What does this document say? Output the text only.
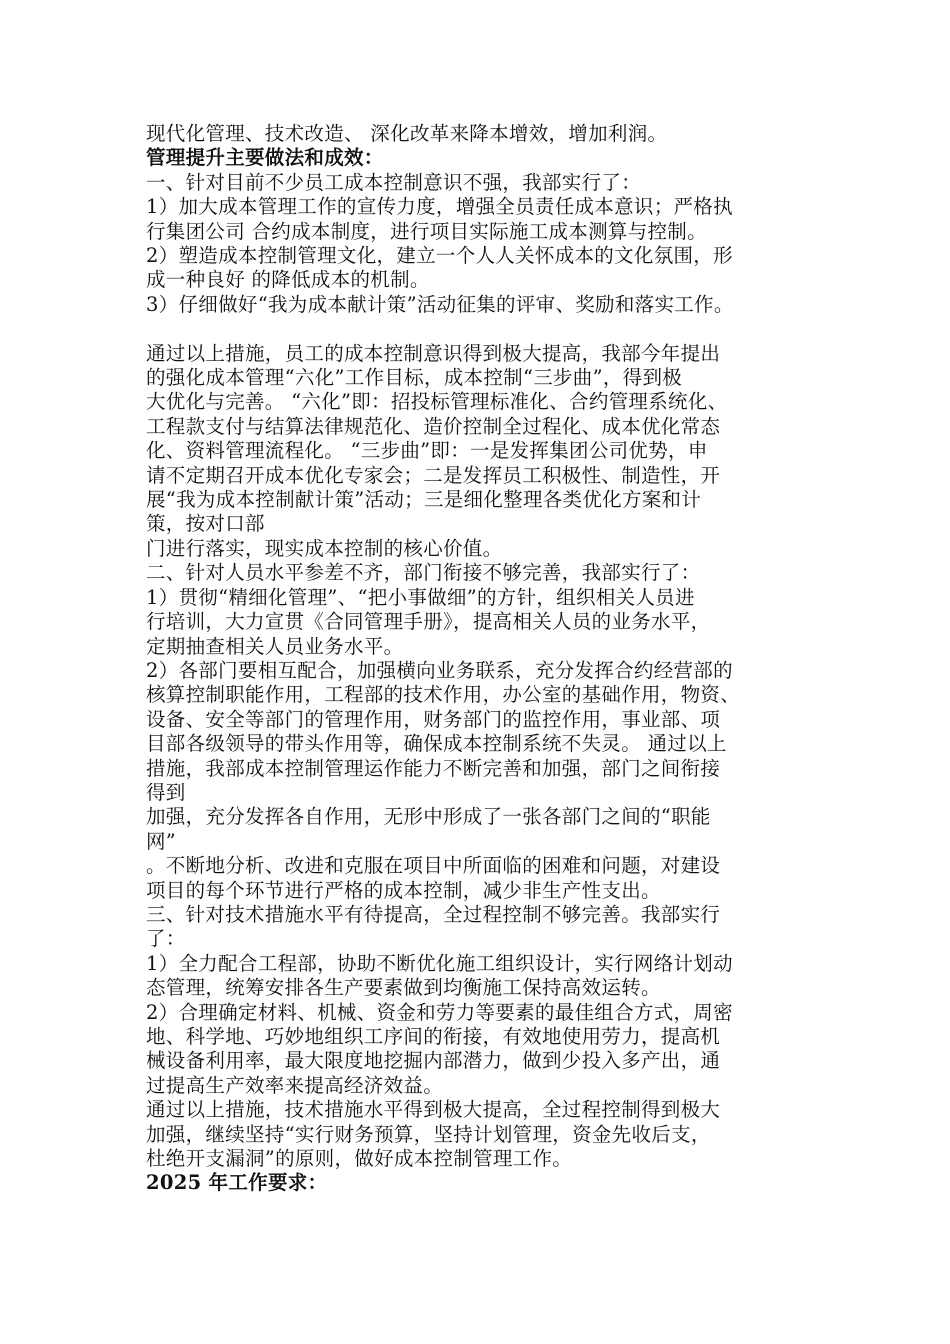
现代化管理、技术改造、 深化改革来降本增效，增加利润。
管理提升主要做法和成效：
一、针对目前不少员工成本控制意识不强，我部实行了：
1）加大成本管理工作的宣传力度，增强全员责任成本意识；严格执
行集团公司 合约成本制度，进行项目实际施工成本测算与控制。
2）塑造成本控制管理文化，建立一个人人关怀成本的文化氛围，形
成一种良好 的降低成本的机制。
3）仔细做好“我为成本献计策”活动征集的评审、奖励和落实工作。
通过以上措施，员工的成本控制意识得到极大提高，我部今年提出
的强化成本管理“六化”工作目标，成本控制“三步曲”，得到极
大优化与完善。 “六化”即：招投标管理标准化、合约管理系统化、
工程款支付与结算法律规范化、造价控制全过程化、成本优化常态
化、资料管理流程化。 “三步曲”即：一是发挥集团公司优势，申
请不定期召开成本优化专家会；二是发挥员工积极性、制造性，开
展“我为成本控制献计策”活动；三是细化整理各类优化方案和计
策，按对口部
门进行落实，现实成本控制的核心价值。
二、针对人员水平参差不齐，部门衔接不够完善，我部实行了：
1）贯彻“精细化管理”、“把小事做细”的方针，组织相关人员进
行培训，大力宣贯《合同管理手册》，提高相关人员的业务水平，
定期抽查相关人员业务水平。
2）各部门要相互配合，加强横向业务联系，充分发挥合约经营部的
核算控制职能作用，工程部的技术作用，办公室的基础作用，物资、
设备、安全等部门的管理作用，财务部门的监控作用，事业部、项
目部各级领导的带头作用等，确保成本控制系统不失灵。 通过以上
措施，我部成本控制管理运作能力不断完善和加强，部门之间衔接
得到
加强，充分发挥各自作用，无形中形成了一张各部门之间的“职能
网”
。不断地分析、改进和克服在项目中所面临的困难和问题，对建设
项目的每个环节进行严格的成本控制，减少非生产性支出。
三、针对技术措施水平有待提高，全过程控制不够完善。我部实行
了：
1）全力配合工程部，协助不断优化施工组织设计，实行网络计划动
态管理，统筹安排各生产要素做到均衡施工保持高效运转。
2）合理确定材料、机械、资金和劳力等要素的最佳组合方式，周密
地、科学地、巧妙地组织工序间的衔接，有效地使用劳力，提高机
械设备利用率，最大限度地挖掘内部潜力，做到少投入多产出，通
过提高生产效率来提高经济效益。
通过以上措施，技术措施水平得到极大提高，全过程控制得到极大
加强，继续坚持“实行财务预算，坚持计划管理，资金先收后支，
杜绝开支漏洞”的原则，做好成本控制管理工作。
2025 年工作要求：
